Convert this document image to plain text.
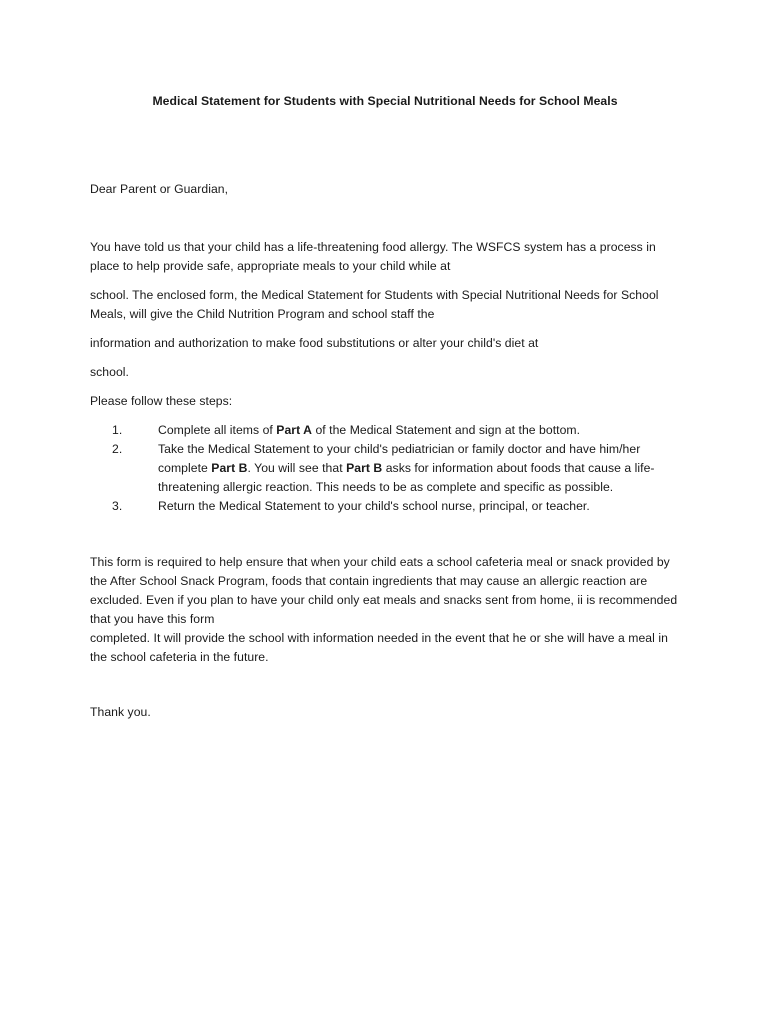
Medical Statement for Students with Special Nutritional Needs for School Meals

Dear Parent or Guardian,

You have told us that your child has a life-threatening food allergy. The WSFCS system has a process in place to help provide safe, appropriate meals to your child while at

school. The enclosed form, the Medical Statement for Students with Special Nutritional Needs for School Meals, will give the Child Nutrition Program and school staff the

information and authorization to make food substitutions or alter your child's diet at

school.

Please follow these steps:

1.	Complete all items of Part A of the Medical Statement and sign at the bottom.
2.	Take the Medical Statement to your child's pediatrician or family doctor and have him/her complete Part B. You will see that Part B asks for information about foods that cause a life-threatening allergic reaction. This needs to be as complete and specific as possible.
3.	Return the Medical Statement to your child's school nurse, principal, or teacher.
This form is required to help ensure that when your child eats a school cafeteria meal or snack provided by the After School Snack Program, foods that contain ingredients that may cause an allergic reaction are excluded. Even if you plan to have your child only eat meals and snacks sent from home, ii is recommended that you have this form
completed. It will provide the school with information needed in the event that he or she will have a meal in the school cafeteria in the future.

Thank you.
